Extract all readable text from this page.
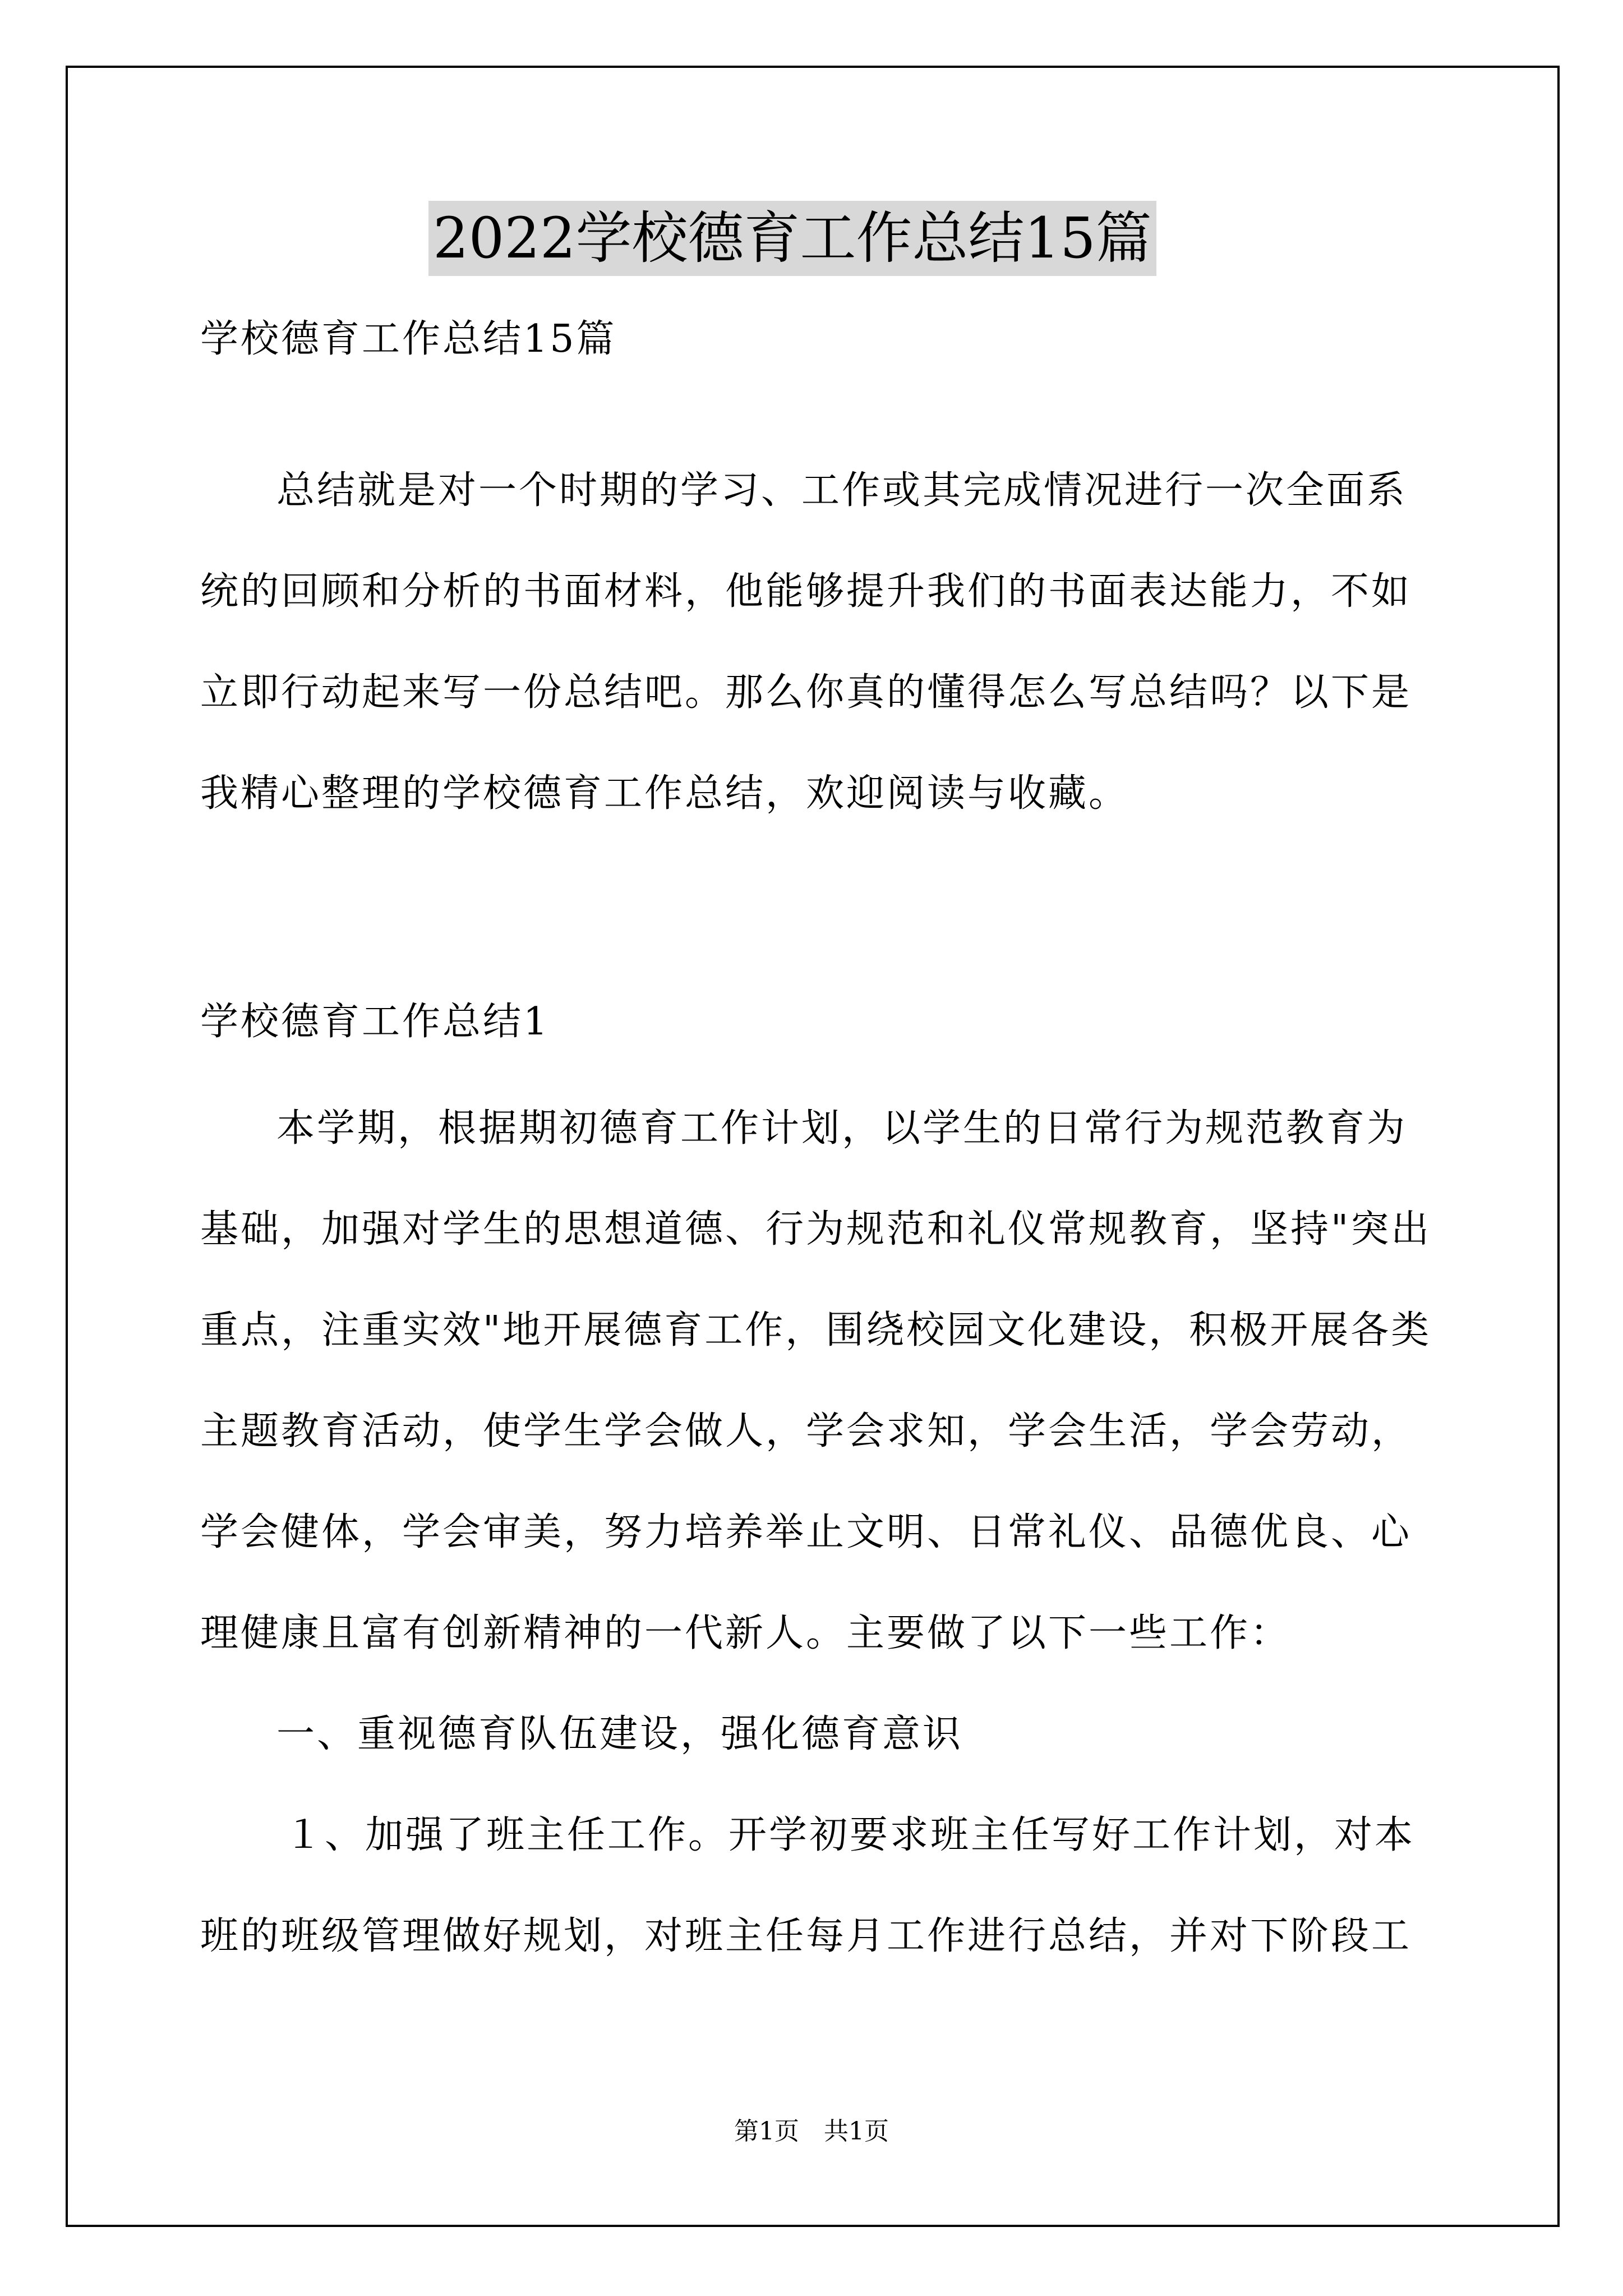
2022学校德育工作总结15篇
学校德育工作总结15篇
总结就是对一个时期的学习、工作或其完成情况进行一次全面系
统的回顾和分析的书面材料，他能够提升我们的书面表达能力，不如
立即行动起来写一份总结吧。那么你真的懂得怎么写总结吗？以下是
我精心整理的学校德育工作总结，欢迎阅读与收藏。
学校德育工作总结1
本学期，根据期初德育工作计划，以学生的日常行为规范教育为
基础，加强对学生的思想道德、行为规范和礼仪常规教育，坚持"突出
重点，注重实效"地开展德育工作，围绕校园文化建设，积极开展各类
主题教育活动，使学生学会做人，学会求知，学会生活，学会劳动，
学会健体，学会审美，努力培养举止文明、日常礼仪、品德优良、心
理健康且富有创新精神的一代新人。主要做了以下一些工作：
一、重视德育队伍建设，强化德育意识
１、加强了班主任工作。开学初要求班主任写好工作计划，对本
班的班级管理做好规划，对班主任每月工作进行总结，并对下阶段工
第1页　共1页
